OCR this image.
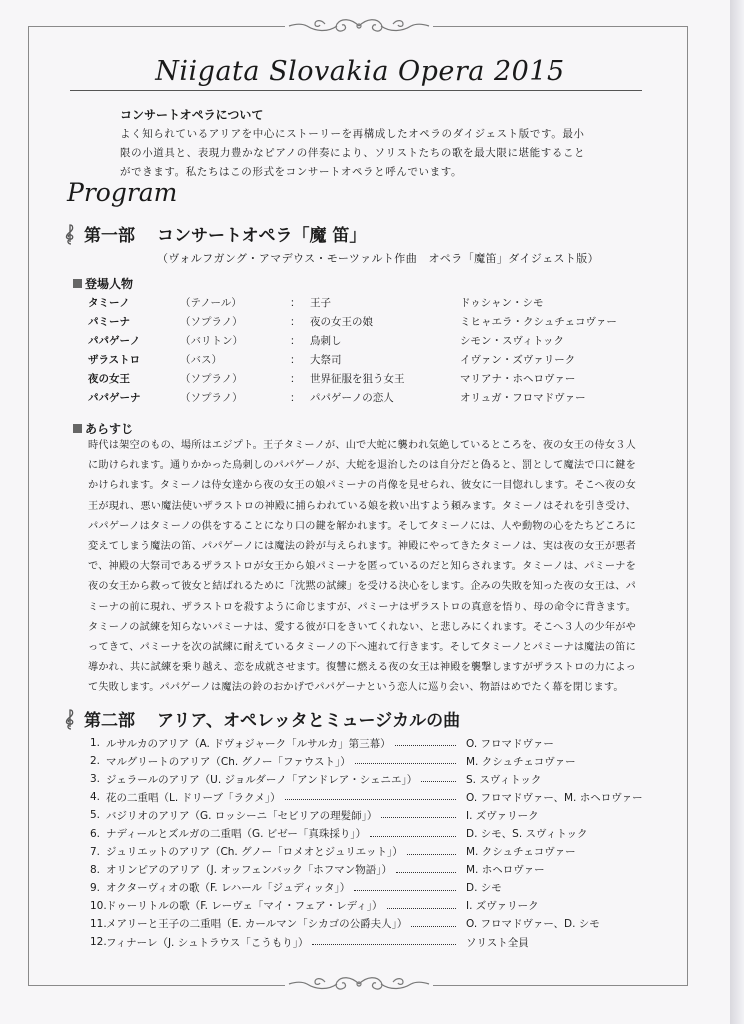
Niigata Slovakia Opera 2015
コンサートオペラについて
よく知られているアリアを中心にストーリーを再構成したオペラのダイジェスト版です。最小限の小道具と、表現力豊かなピアノの伴奏により、ソリストたちの歌を最大限に堪能することができます。私たちはこの形式をコンサートオペラと呼んでいます。
Program
第一部 コンサートオペラ「魔 笛」
（ヴォルフガング・アマデウス・モーツァルト作曲　オペラ「魔笛」ダイジェスト版）
登場人物
タミーノ	（テノール）	：	王子	ドゥシャン・シモ
パミーナ	（ソプラノ）	：	夜の女王の娘	ミヒャエラ・クシュチェコヴァー
パパゲーノ	（バリトン）	：	鳥刺し	シモン・スヴィトック
ザラストロ	（バス）	：	大祭司	イヴァン・ズヴァリーク
夜の女王	（ソプラノ）	：	世界征服を狙う女王	マリアナ・ホヘロヴァー
パパゲーナ	（ソプラノ）	：	パパゲーノの恋人	オリュガ・フロマドヴァー
あらすじ
時代は架空のもの、場所はエジプト。王子タミーノが、山で大蛇に襲われ気絶しているところを、夜の女王の侍女３人に助けられます。通りかかった鳥刺しのパパゲーノが、大蛇を退治したのは自分だと偽ると、罰として魔法で口に鍵をかけられます。タミーノは侍女達から夜の女王の娘パミーナの肖像を見せられ、彼女に一目惚れします。そこへ夜の女王が現れ、悪い魔法使いザラストロの神殿に捕らわれている娘を救い出すよう頼みます。タミーノはそれを引き受け、パパゲーノはタミーノの供をすることになり口の鍵を解かれます。そしてタミーノには、人や動物の心をたちどころに変えてしまう魔法の笛、パパゲーノには魔法の鈴が与えられます。神殿にやってきたタミーノは、実は夜の女王が悪者で、神殿の大祭司であるザラストロが女王から娘パミーナを匿っているのだと知らされます。タミーノは、パミーナを夜の女王から救って彼女と結ばれるために「沈黙の試練」を受ける決心をします。企みの失敗を知った夜の女王は、パミーナの前に現れ、ザラストロを殺すように命じますが、パミーナはザラストロの真意を悟り、母の命令に背きます。タミーノの試練を知らないパミーナは、愛する彼が口をきいてくれない、と悲しみにくれます。そこへ３人の少年がやってきて、パミーナを次の試練に耐えているタミーノの下へ連れて行きます。そしてタミーノとパミーナは魔法の笛に導かれ、共に試練を乗り越え、恋を成就させます。復讐に燃える夜の女王は神殿を襲撃しますがザラストロの力によって失敗します。パパゲーノは魔法の鈴のおかげでパパゲーナという恋人に巡り会い、物語はめでたく幕を閉じます。
第二部 アリア、オペレッタとミュージカルの曲
1. ルサルカのアリア（A. ドヴォジャーク「ルサルカ」第三幕）	O. フロマドヴァー
2. マルグリートのアリア（Ch. グノー「ファウスト」）	M. クシュチェコヴァー
3. ジェラールのアリア（U. ジョルダーノ「アンドレア・シェニエ」）	S. スヴィトック
4. 花の二重唱（L. ドリーブ「ラクメ」）	O. フロマドヴァー、M. ホヘロヴァー
5. バジリオのアリア（G. ロッシーニ「セビリアの理髪師」）	I. ズヴァリーク
6. ナディールとズルガの二重唱（G. ビゼー「真珠採り」）	D. シモ、S. スヴィトック
7. ジュリエットのアリア（Ch. グノー「ロメオとジュリエット」）	M. クシュチェコヴァー
8. オリンピアのアリア（J. オッフェンバック「ホフマン物語」）	M. ホヘロヴァー
9. オクターヴィオの歌（F. レハール「ジュディッタ」）	D. シモ
10. ドゥーリトルの歌（F. レーヴェ「マイ・フェア・レディ」）	I. ズヴァリーク
11. メアリーと王子の二重唱（E. カールマン「シカゴの公爵夫人」）	O. フロマドヴァー、D. シモ
12. フィナーレ（J. シュトラウス「こうもり」）	ソリスト全員
